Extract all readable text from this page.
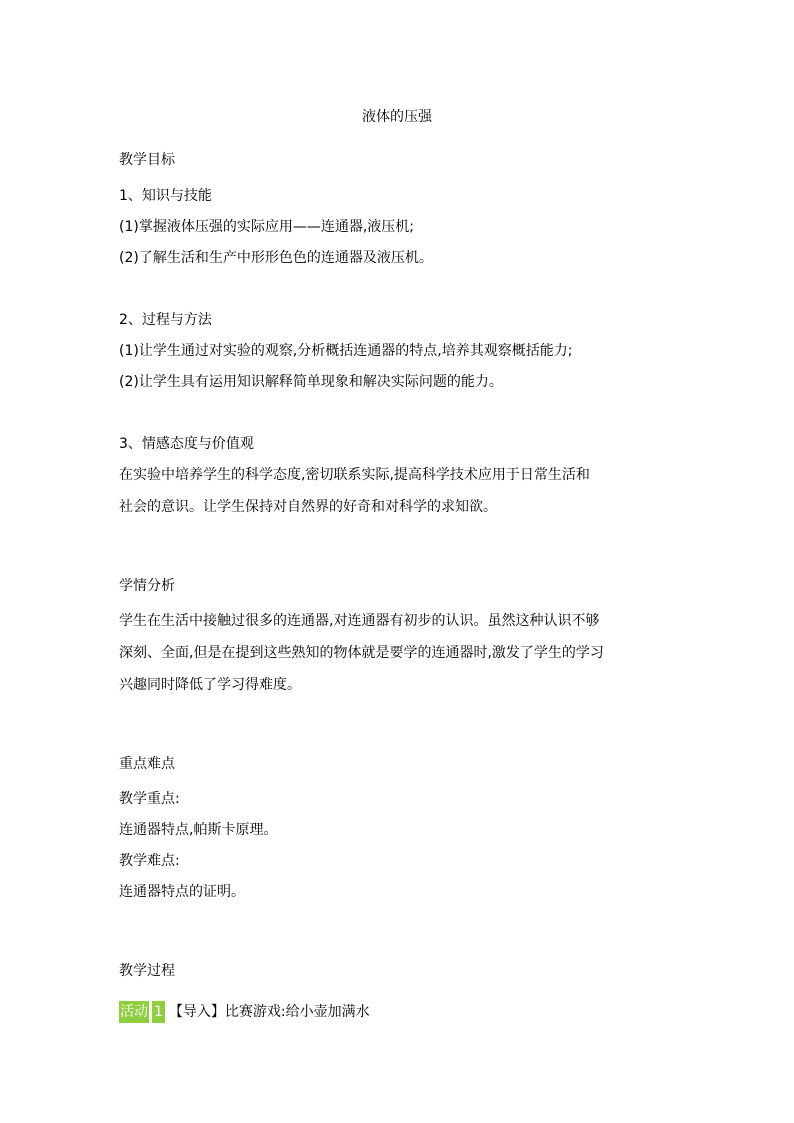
液体的压强
教学目标
1、知识与技能
(1)掌握液体压强的实际应用——连通器,液压机;
(2)了解生活和生产中形形色色的连通器及液压机。
2、过程与方法
(1)让学生通过对实验的观察,分析概括连通器的特点,培养其观察概括能力;
(2)让学生具有运用知识解释简单现象和解决实际问题的能力。
3、情感态度与价值观
在实验中培养学生的科学态度,密切联系实际,提高科学技术应用于日常生活和
社会的意识。让学生保持对自然界的好奇和对科学的求知欲。
学情分析
学生在生活中接触过很多的连通器,对连通器有初步的认识。虽然这种认识不够
深刻、全面,但是在提到这些熟知的物体就是要学的连通器时,激发了学生的学习
兴趣同时降低了学习得难度。
重点难点
教学重点:
连通器特点,帕斯卡原理。
教学难点:
连通器特点的证明。
教学过程
活动 1 【导入】比赛游戏:给小壶加满水
